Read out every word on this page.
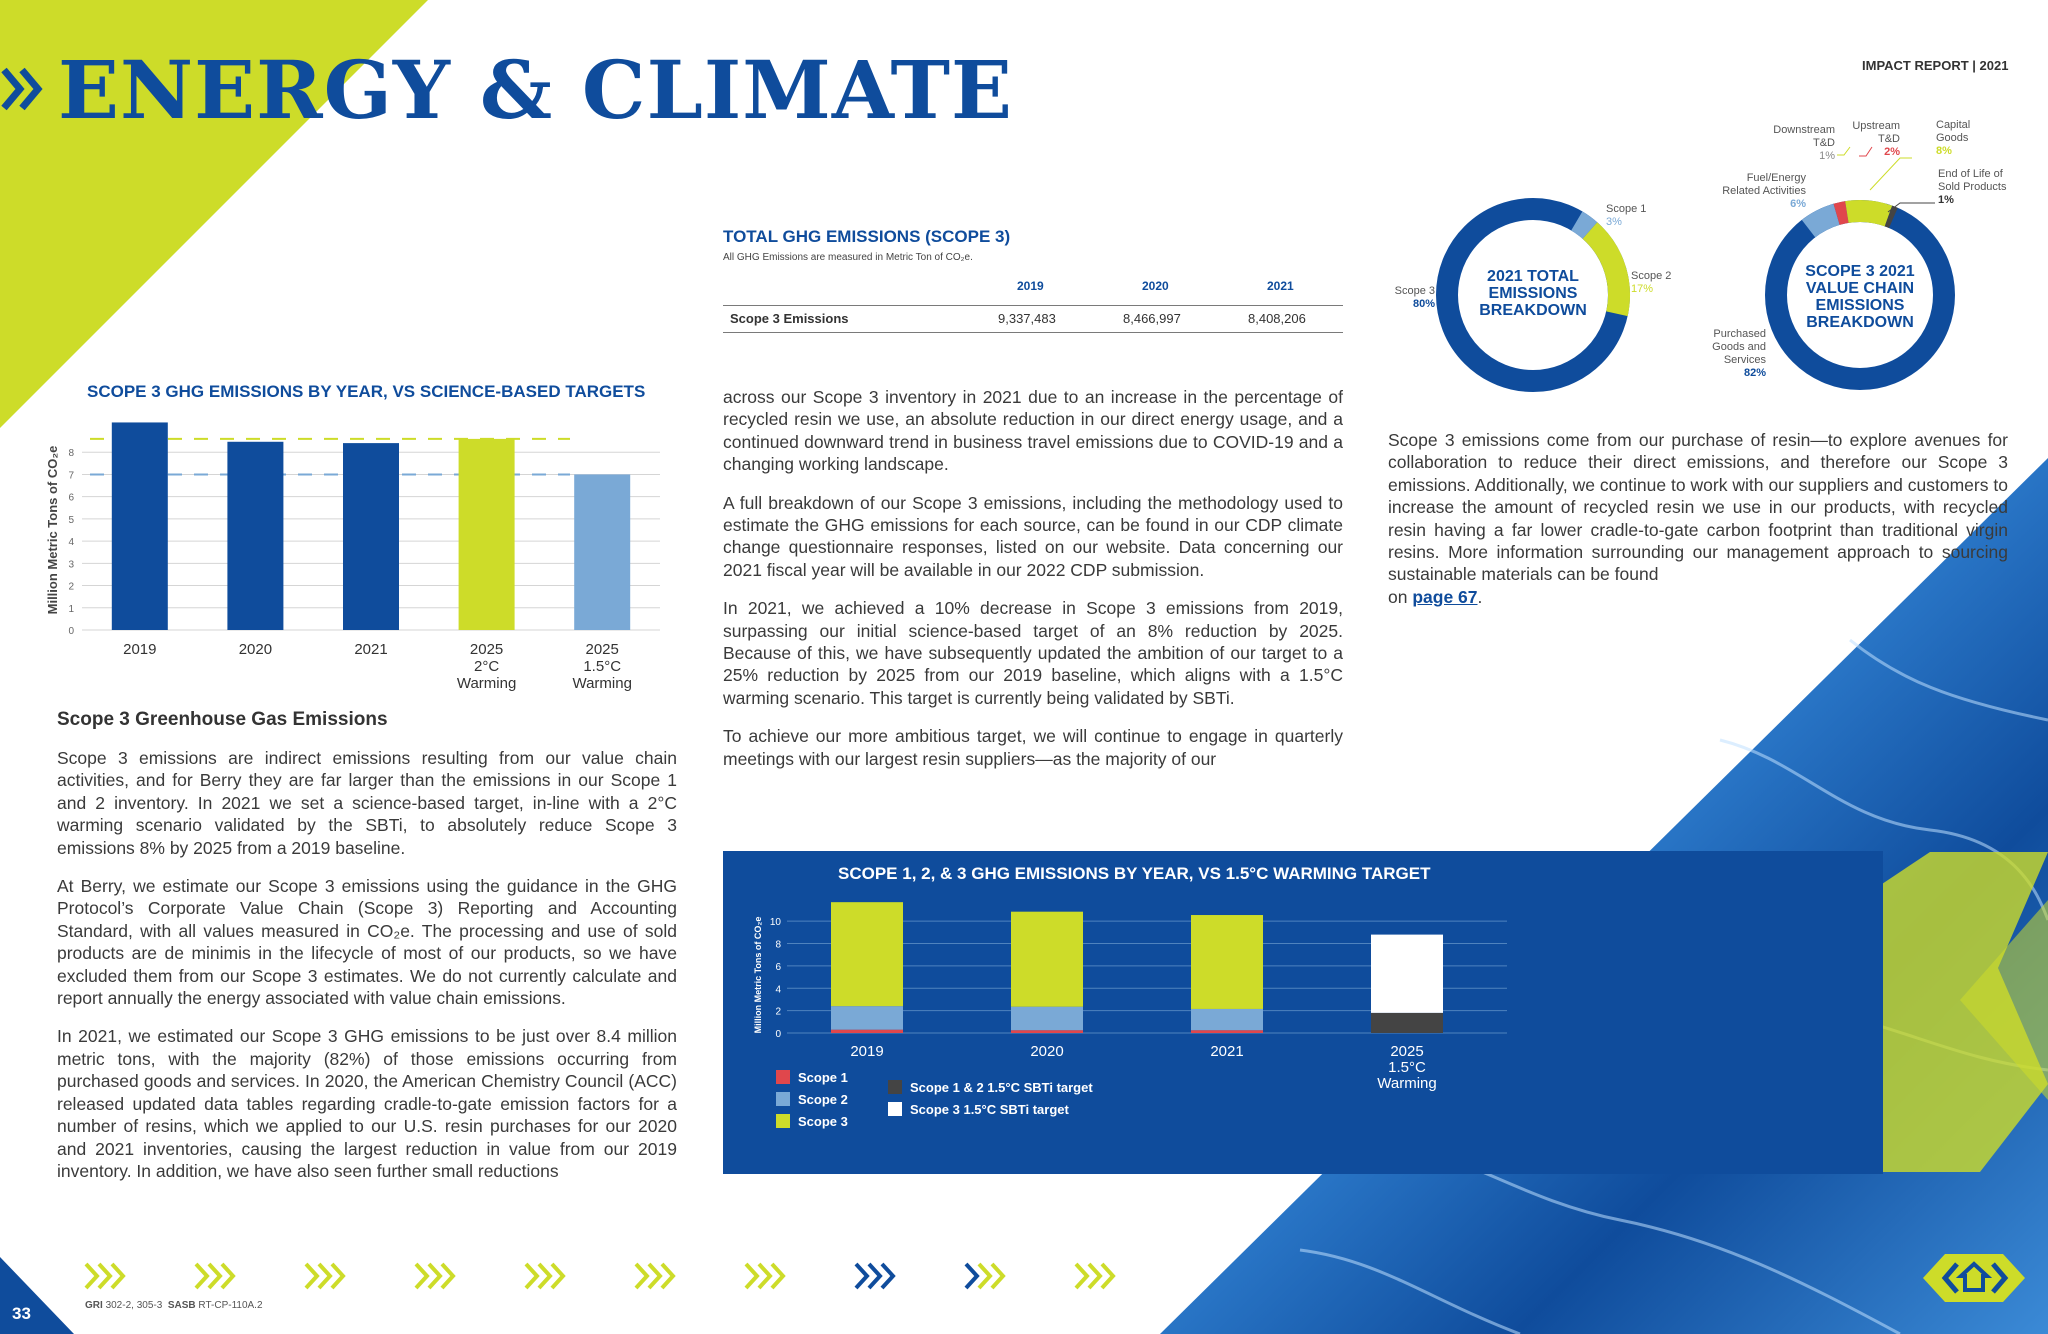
ENERGY & CLIMATE	IMPACT REPORT | 2021
SCOPE 3 GHG EMISSIONS BY YEAR, VS SCIENCE-BASED TARGETS
0
1
2
3
4
5
6
7
8
Million Metric Tons of CO₂e
2019	2020	2021	2025
2°C
Warming
2025
1.5°C
Warming
Scope 3 Greenhouse Gas Emissions

Scope 3 emissions are indirect emissions resulting from our value chain activities, and for Berry they are far larger than the emissions in our Scope 1 and 2 inventory. In 2021 we set a science-based target, in-line with a 2°C warming scenario validated by the SBTi, to absolutely reduce Scope 3 emissions 8% by 2025 from a 2019 baseline.

At Berry, we estimate our Scope 3 emissions using the guidance in the GHG Protocol’s Corporate Value Chain (Scope 3) Reporting and Accounting Standard, with all values measured in CO₂e. The processing and use of sold products are de minimis in the lifecycle of most of our products, so we have excluded them from our Scope 3 estimates. We do not currently calculate and report annually the energy associated with value chain emissions.

In 2021, we estimated our Scope 3 GHG emissions to be just over 8.4 million metric tons, with the majority (82%) of those emissions occurring from purchased goods and services. In 2020, the American Chemistry Council (ACC) released updated data tables regarding cradle-to-gate emission factors for a number of resins, which we applied to our U.S. resin purchases for our 2020 and 2021 inventories, causing the largest reduction in value from our 2019 inventory. In addition, we have also seen further small reductions

TOTAL GHG EMISSIONS (SCOPE 3)
All GHG Emissions are measured in Metric Ton of CO₂e.
2019	2020	2021
Scope 3 Emissions	9,337,483	8,466,997	8,408,206

across our Scope 3 inventory in 2021 due to an increase in the percentage of recycled resin we use, an absolute reduction in our direct energy usage, and a continued downward trend in business travel emissions due to COVID-19 and a changing working landscape.

A full breakdown of our Scope 3 emissions, including the methodology used to estimate the GHG emissions for each source, can be found in our CDP climate change questionnaire responses, listed on our website. Data concerning our 2021 fiscal year will be available in our 2022 CDP submission.

In 2021, we achieved a 10% decrease in Scope 3 emissions from 2019, surpassing our initial science-based target of an 8% reduction by 2025. Because of this, we have subsequently updated the ambition of our target to a 25% reduction by 2025 from our 2019 baseline, which aligns with a 1.5°C warming scenario. This target is currently being validated by SBTi.

To achieve our more ambitious target, we will continue to engage in quarterly meetings with our largest resin suppliers—as the majority of our

2021 TOTAL
EMISSIONS
BREAKDOWN
Scope 1
3%
Scope 2
17%
Scope 3
80%
SCOPE 3 2021
VALUE CHAIN
EMISSIONS
BREAKDOWN
Downstream
T&D
1%
Upstream
T&D
2%
Capital
Goods
8%
Fuel/Energy
Related Activities
6%
End of Life of
Sold Products
1%
Purchased
Goods and
Services
82%
Scope 3 emissions come from our purchase of resin—to explore avenues for collaboration to reduce their direct emissions, and therefore our Scope 3 emissions. Additionally, we continue to work with our suppliers and customers to increase the amount of recycled resin we use in our products, with recycled resin having a far lower cradle-to-gate carbon footprint than traditional virgin resins. More information surrounding our management approach to sourcing sustainable materials can be found
on page 67.
SCOPE 1, 2, & 3 GHG EMISSIONS BY YEAR, VS 1.5°C WARMING TARGET
0
2
4
6
8
10
Million Metric Tons of CO₂e
2019	2020	2021	2025
1.5°C
Warming
Scope 1
Scope 2
Scope 3
Scope 1 & 2 1.5°C SBTi target
Scope 3 1.5°C SBTi target
33	GRI 302-2, 305-3 SASB RT-CP-110A.2
